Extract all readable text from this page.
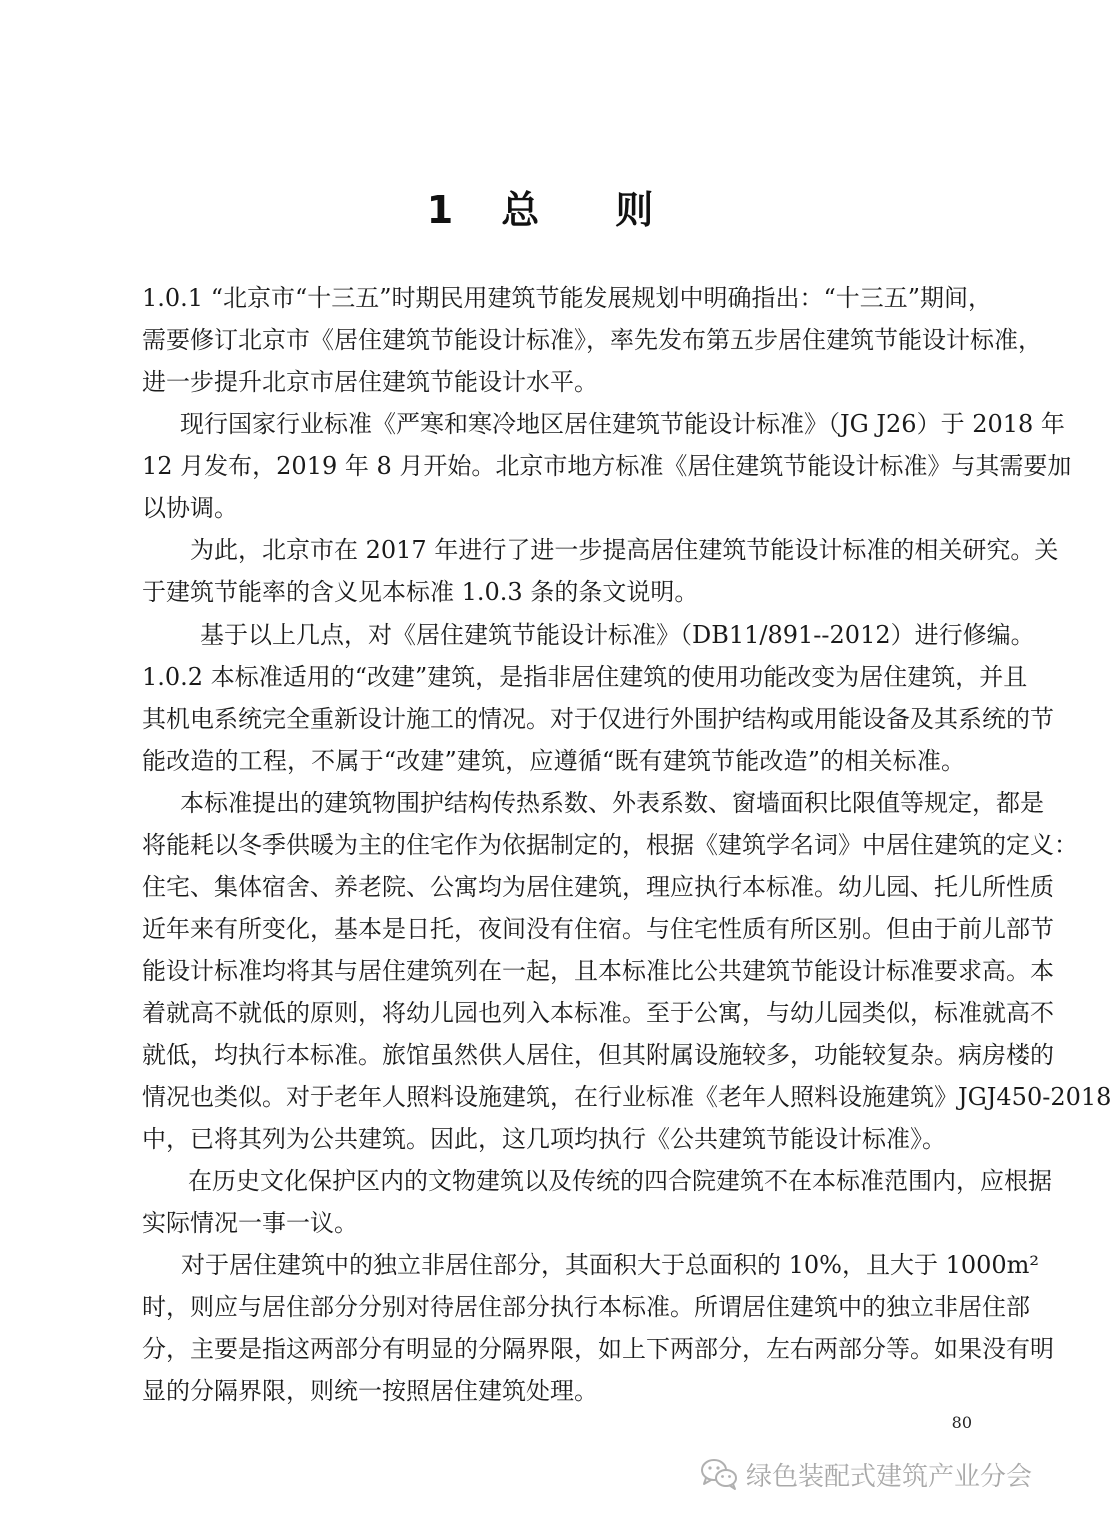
1 总 则
1.0.1 “北京市“十三五”时期民用建筑节能发展规划中明确指出：“十三五”期间，
需要修订北京市《居住建筑节能设计标准》，率先发布第五步居住建筑节能设计标准，
进一步提升北京市居住建筑节能设计水平。
现行国家行业标准《严寒和寒冷地区居住建筑节能设计标准》（JG J26）于 2018 年
12 月发布，2019 年 8 月开始。北京市地方标准《居住建筑节能设计标准》与其需要加
以协调。
为此，北京市在 2017 年进行了进一步提高居住建筑节能设计标准的相关研究。关
于建筑节能率的含义见本标准 1.0.3 条的条文说明。
基于以上几点，对《居住建筑节能设计标准》（DB11/891--2012）进行修编。
1.0.2 本标准适用的“改建”建筑，是指非居住建筑的使用功能改变为居住建筑，并且
其机电系统完全重新设计施工的情况。对于仅进行外围护结构或用能设备及其系统的节
能改造的工程，不属于“改建”建筑，应遵循“既有建筑节能改造”的相关标准。
本标准提出的建筑物围护结构传热系数、外表系数、窗墙面积比限值等规定，都是
将能耗以冬季供暖为主的住宅作为依据制定的，根据《建筑学名词》中居住建筑的定义：
住宅、集体宿舍、养老院、公寓均为居住建筑，理应执行本标准。幼儿园、托儿所性质
近年来有所变化，基本是日托，夜间没有住宿。与住宅性质有所区别。但由于前儿部节
能设计标准均将其与居住建筑列在一起，且本标准比公共建筑节能设计标准要求高。本
着就高不就低的原则，将幼儿园也列入本标准。至于公寓，与幼儿园类似，标准就高不
就低，均执行本标准。旅馆虽然供人居住，但其附属设施较多，功能较复杂。病房楼的
情况也类似。对于老年人照料设施建筑，在行业标准《老年人照料设施建筑》JGJ450-2018
中，已将其列为公共建筑。因此，这几项均执行《公共建筑节能设计标准》。
在历史文化保护区内的文物建筑以及传统的四合院建筑不在本标准范围内，应根据
实际情况一事一议。
对于居住建筑中的独立非居住部分，其面积大于总面积的 10%，且大于 1000m²
时，则应与居住部分分别对待居住部分执行本标准。所谓居住建筑中的独立非居住部
分，主要是指这两部分有明显的分隔界限，如上下两部分，左右两部分等。如果没有明
显的分隔界限，则统一按照居住建筑处理。
80
绿色装配式建筑产业分会
